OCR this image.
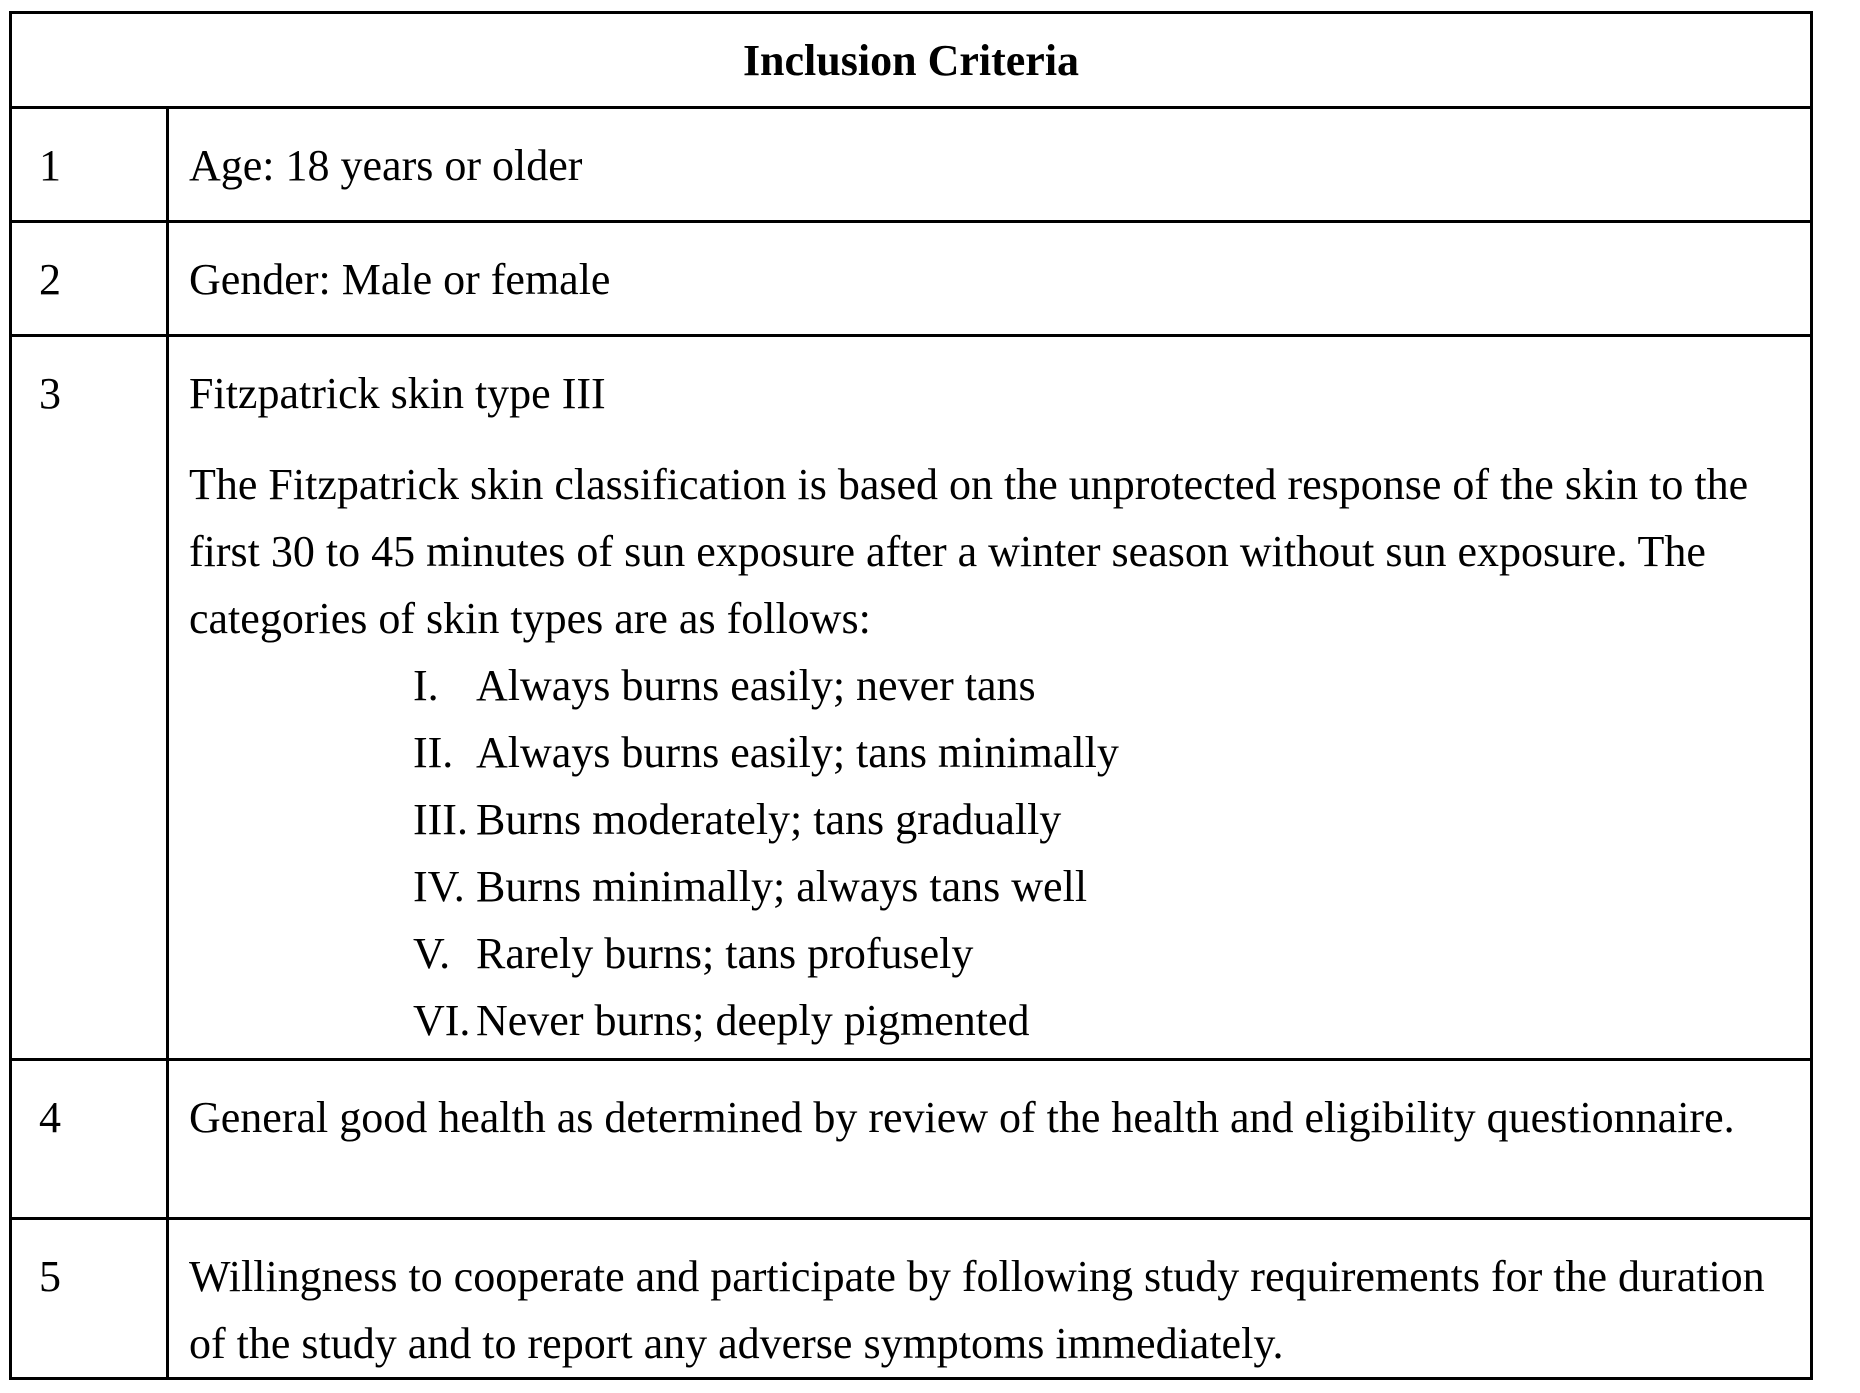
Inclusion Criteria
1	Age: 18 years or older
2	Gender: Male or female
3	Fitzpatrick skin type III
The Fitzpatrick skin classification is based on the unprotected response of the skin to the first 30 to 45 minutes of sun exposure after a winter season without sun exposure. The categories of skin types are as follows:
I. Always burns easily; never tans
II. Always burns easily; tans minimally
III. Burns moderately; tans gradually
IV. Burns minimally; always tans well
V. Rarely burns; tans profusely
VI. Never burns; deeply pigmented

4	General good health as determined by review of the health and eligibility questionnaire.
5	Willingness to cooperate and participate by following study requirements for the duration of the study and to report any adverse symptoms immediately.
